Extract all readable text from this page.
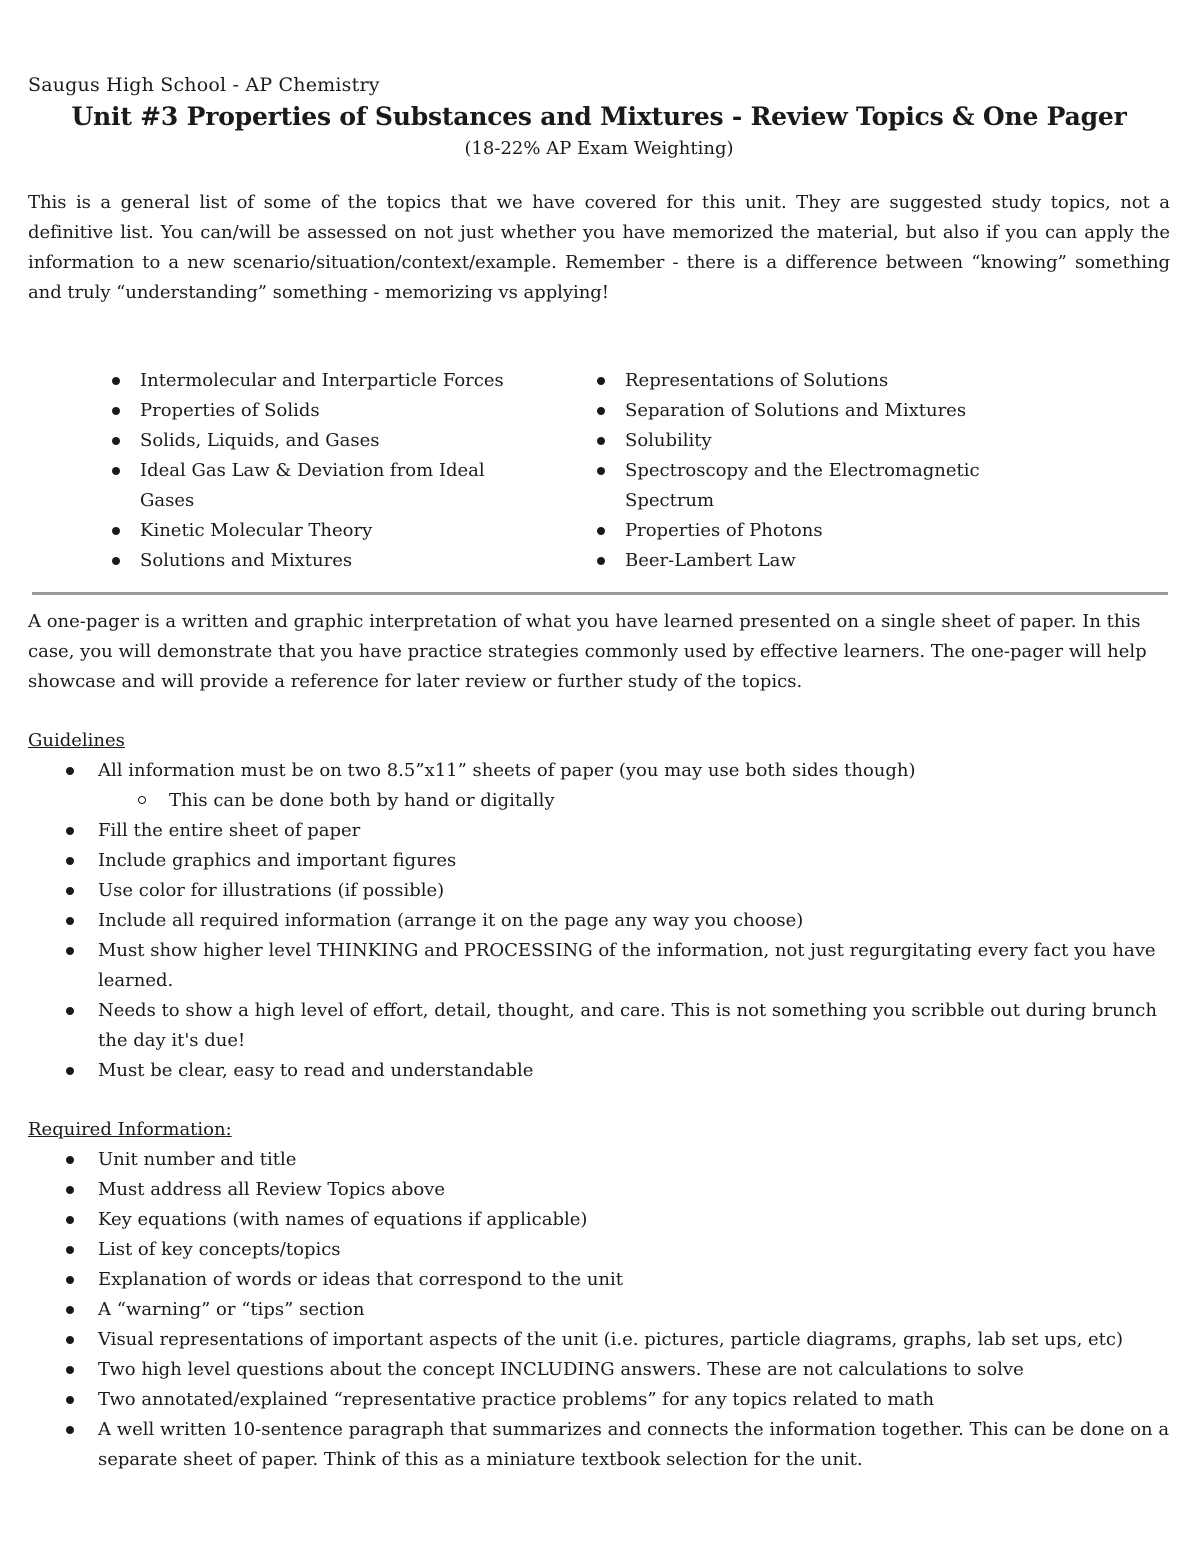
Saugus High School - AP Chemistry
Unit #3 Properties of Substances and Mixtures - Review Topics & One Pager
(18-22% AP Exam Weighting)

This is a general list of some of the topics that we have covered for this unit. They are suggested study topics, not a definitive list. You can/will be assessed on not just whether you have memorized the material, but also if you can apply the information to a new scenario/situation/context/example. Remember - there is a difference between “knowing” something and truly “understanding” something - memorizing vs applying!

Intermolecular and Interparticle Forces
Properties of Solids
Solids, Liquids, and Gases
Ideal Gas Law & Deviation from Ideal Gases
Kinetic Molecular Theory
Solutions and Mixtures
Representations of Solutions
Separation of Solutions and Mixtures
Solubility
Spectroscopy and the Electromagnetic Spectrum
Properties of Photons
Beer-Lambert Law
A one-pager is a written and graphic interpretation of what you have learned presented on a single sheet of paper. In this case, you will demonstrate that you have practice strategies commonly used by effective learners. The one-pager will help showcase and will provide a reference for later review or further study of the topics.
Guidelines
All information must be on two 8.5”x11” sheets of paper (you may use both sides though)
This can be done both by hand or digitally
Fill the entire sheet of paper
Include graphics and important figures
Use color for illustrations (if possible)
Include all required information (arrange it on the page any way you choose)
Must show higher level THINKING and PROCESSING of the information, not just regurgitating every fact you have learned.
Needs to show a high level of effort, detail, thought, and care. This is not something you scribble out during brunch the day it's due!
Must be clear, easy to read and understandable
Required Information:
Unit number and title
Must address all Review Topics above
Key equations (with names of equations if applicable)
List of key concepts/topics
Explanation of words or ideas that correspond to the unit
A “warning” or “tips” section
Visual representations of important aspects of the unit (i.e. pictures, particle diagrams, graphs, lab set ups, etc)
Two high level questions about the concept INCLUDING answers. These are not calculations to solve
Two annotated/explained “representative practice problems” for any topics related to math
A well written 10-sentence paragraph that summarizes and connects the information together. This can be done on a separate sheet of paper. Think of this as a miniature textbook selection for the unit.
